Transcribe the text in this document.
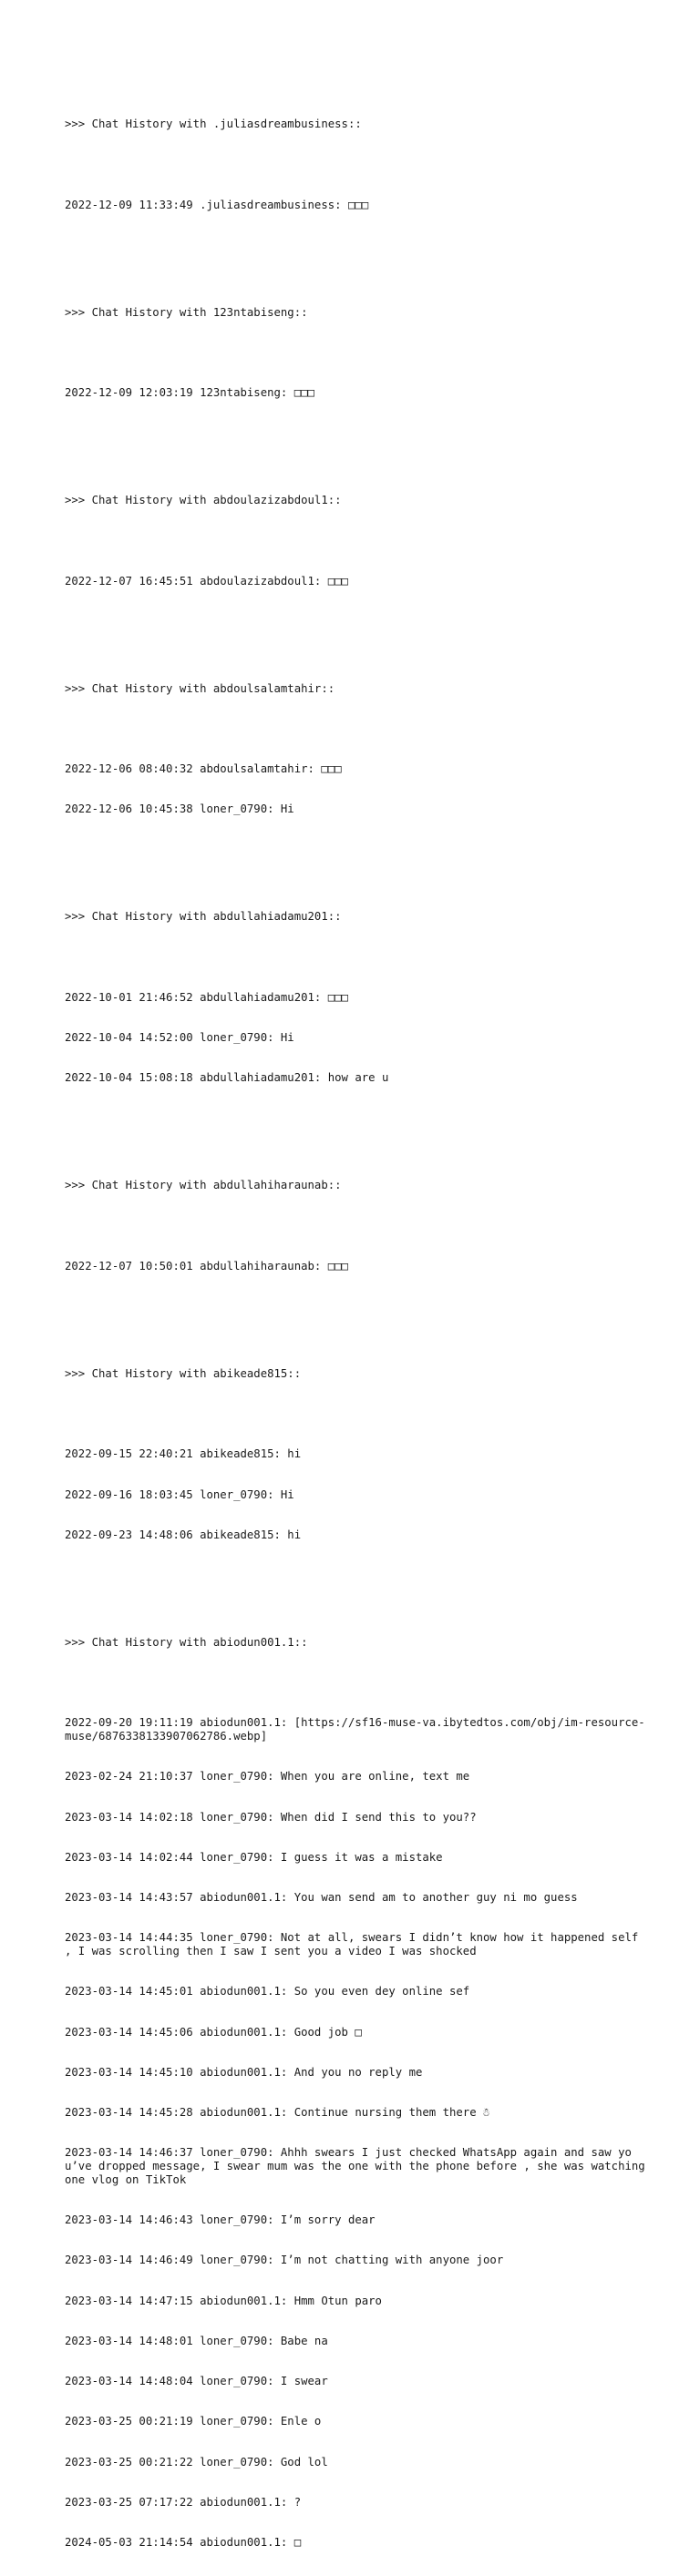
>>> Chat History with .juliasdreambusiness::

2022-12-09 11:33:49 .juliasdreambusiness: □□□

>>> Chat History with 123ntabiseng::

2022-12-09 12:03:19 123ntabiseng: □□□

>>> Chat History with abdoulazizabdoul1::

2022-12-07 16:45:51 abdoulazizabdoul1: □□□

>>> Chat History with abdoulsalamtahir::

2022-12-06 08:40:32 abdoulsalamtahir: □□□

2022-12-06 10:45:38 loner_0790: Hi

>>> Chat History with abdullahiadamu201::

2022-10-01 21:46:52 abdullahiadamu201: □□□

2022-10-04 14:52:00 loner_0790: Hi

2022-10-04 15:08:18 abdullahiadamu201: how are u

>>> Chat History with abdullahiharaunab::

2022-12-07 10:50:01 abdullahiharaunab: □□□

>>> Chat History with abikeade815::

2022-09-15 22:40:21 abikeade815: hi

2022-09-16 18:03:45 loner_0790: Hi

2022-09-23 14:48:06 abikeade815: hi

>>> Chat History with abiodun001.1::

2022-09-20 19:11:19 abiodun001.1: [https://sf16-muse-va.ibytedtos.com/obj/im-resource-muse/6876338133907062786.webp]

2023-02-24 21:10:37 loner_0790: When you are online, text me

2023-03-14 14:02:18 loner_0790: When did I send this to you??

2023-03-14 14:02:44 loner_0790: I guess it was a mistake

2023-03-14 14:43:57 abiodun001.1: You wan send am to another guy ni mo guess

2023-03-14 14:44:35 loner_0790: Not at all, swears I didn’t know how it happened self , I was scrolling then I saw I sent you a video I was shocked

2023-03-14 14:45:01 abiodun001.1: So you even dey online sef

2023-03-14 14:45:06 abiodun001.1: Good job □

2023-03-14 14:45:10 abiodun001.1: And you no reply me

2023-03-14 14:45:28 abiodun001.1: Continue nursing them there ☃

2023-03-14 14:46:37 loner_0790: Ahhh swears I just checked WhatsApp again and saw you’ve dropped message, I swear mum was the one with the phone before , she was watching one vlog on TikTok

2023-03-14 14:46:43 loner_0790: I’m sorry dear

2023-03-14 14:46:49 loner_0790: I’m not chatting with anyone joor

2023-03-14 14:47:15 abiodun001.1: Hmm Otun paro

2023-03-14 14:48:01 loner_0790: Babe na

2023-03-14 14:48:04 loner_0790: I swear

2023-03-25 00:21:19 loner_0790: Enle o

2023-03-25 00:21:22 loner_0790: God lol

2023-03-25 07:17:22 abiodun001.1: ?

2024-05-03 21:14:54 abiodun001.1: □
